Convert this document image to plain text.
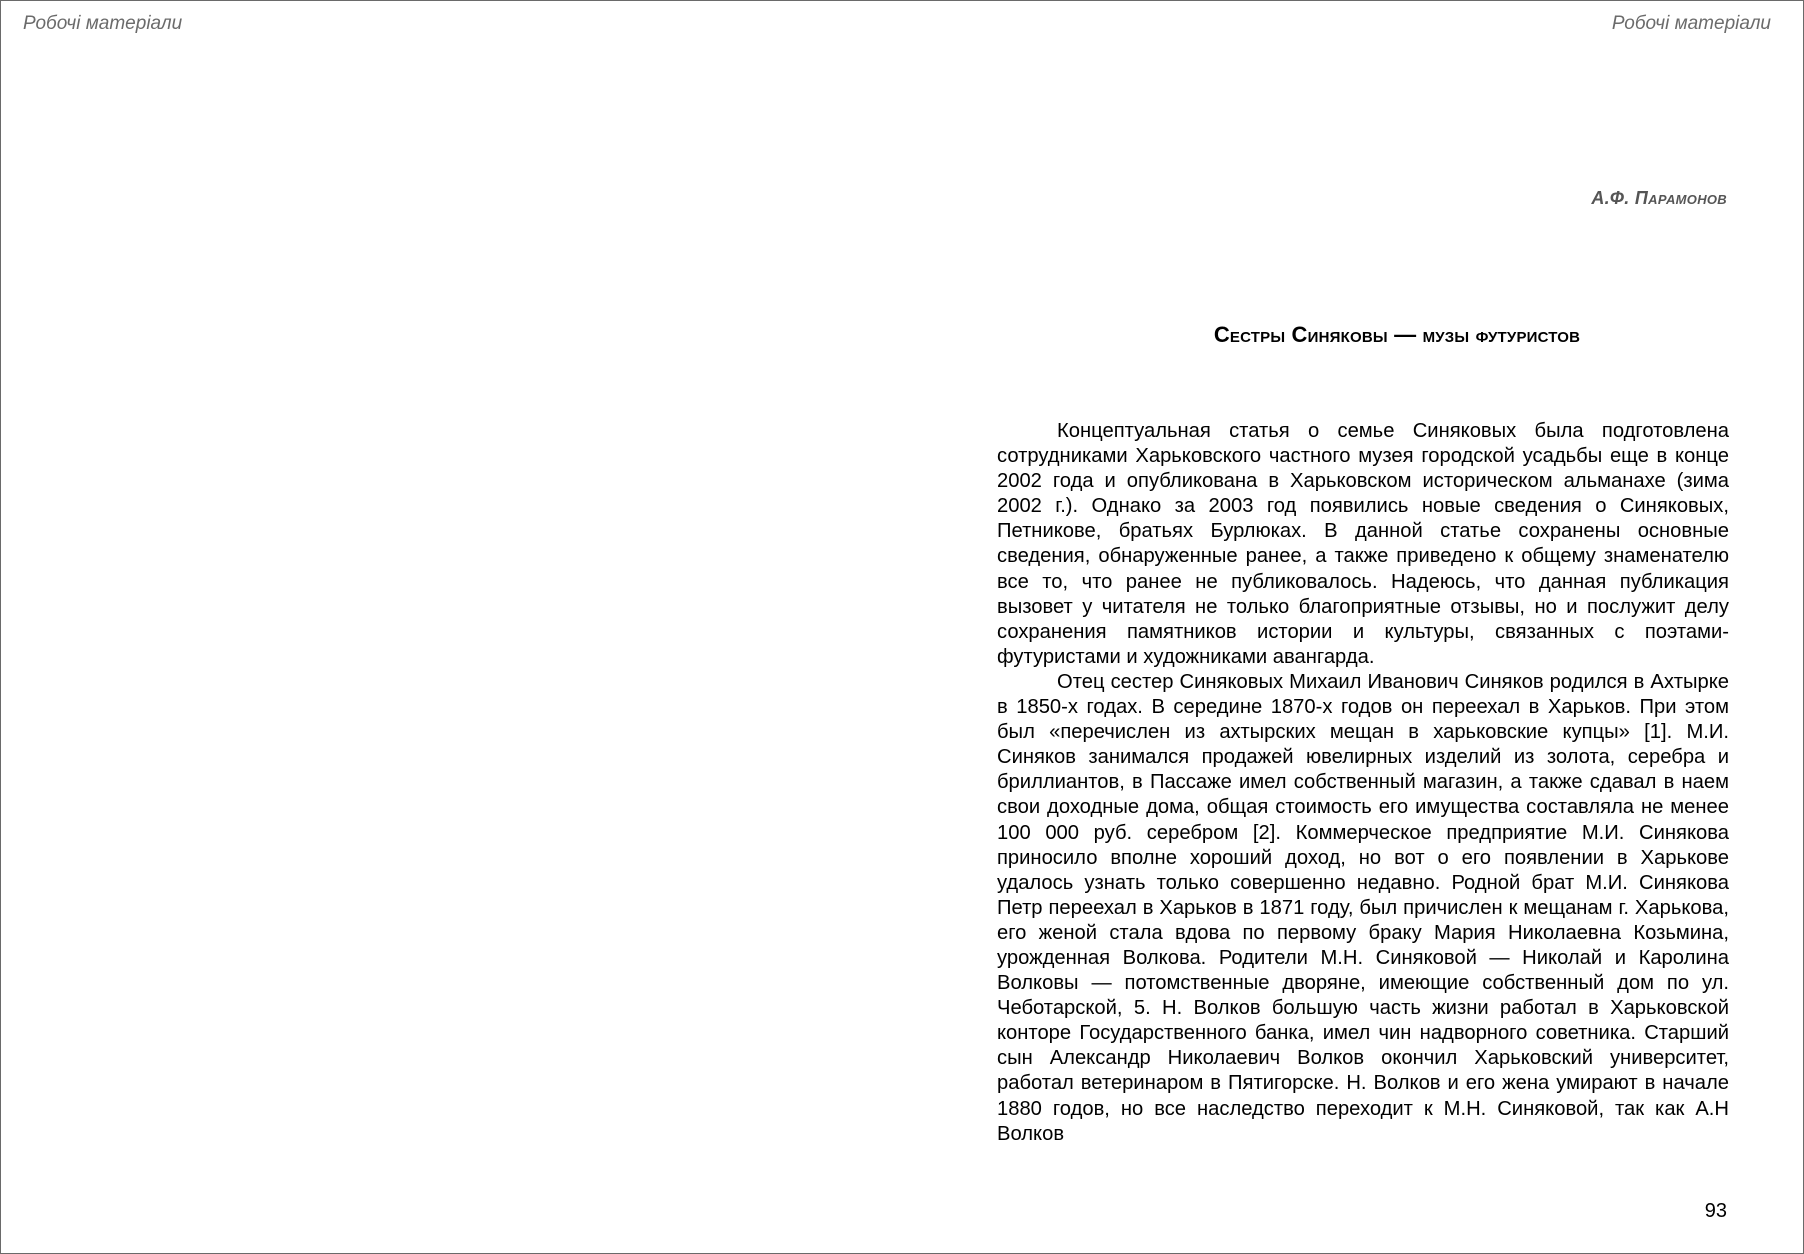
Робочі матеріали	Робочі матеріали
А.Ф. Парамонов
Сестры Синяковы — музы футуристов

Концептуальная статья о семье Синяковых была подготовлена сотрудниками Харьковского частного музея городской усадьбы еще в конце 2002 года и опубликована в Харьковском историческом альманахе (зима 2002 г.). Однако за 2003 год появились новые сведения о Синяковых, Петникове, братьях Бурлюках. В данной статье сохранены основные сведения, обнаруженные ранее, а также приведено к общему знаменателю все то, что ранее не публиковалось. Надеюсь, что данная публикация вызовет у читателя не только благоприятные отзывы, но и послужит делу сохранения памятников истории и культуры, связанных с поэтами-футуристами и художниками авангарда.

Отец сестер Синяковых Михаил Иванович Синяков родился в Ахтырке в 1850-х годах. В середине 1870-х годов он переехал в Харьков. При этом был «перечислен из ахтырских мещан в харьковские купцы» [1]. М.И. Синяков занимался продажей ювелирных изделий из золота, серебра и бриллиантов, в Пассаже имел собственный магазин, а также сдавал в наем свои доходные дома, общая стоимость его имущества составляла не менее 100 000 руб. серебром [2]. Коммерческое предприятие М.И. Синякова приносило вполне хороший доход, но вот о его появлении в Харькове удалось узнать только совершенно недавно. Родной брат М.И. Синякова Петр переехал в Харьков в 1871 году, был причислен к мещанам г. Харькова, его женой стала вдова по первому браку Мария Николаевна Козьмина, урожденная Волкова. Родители М.Н. Синяковой — Николай и Каролина Волковы — потомственные дворяне, имеющие собственный дом по ул. Чеботарской, 5. Н. Волков большую часть жизни работал в Харьковской конторе Государственного банка, имел чин надворного советника. Старший сын Александр Николаевич Волков окончил Харьковский университет, работал ветеринаром в Пятигорске. Н. Волков и его жена умирают в начале 1880 годов, но все наследство переходит к М.Н. Синяковой, так как А.Н Волков

93
